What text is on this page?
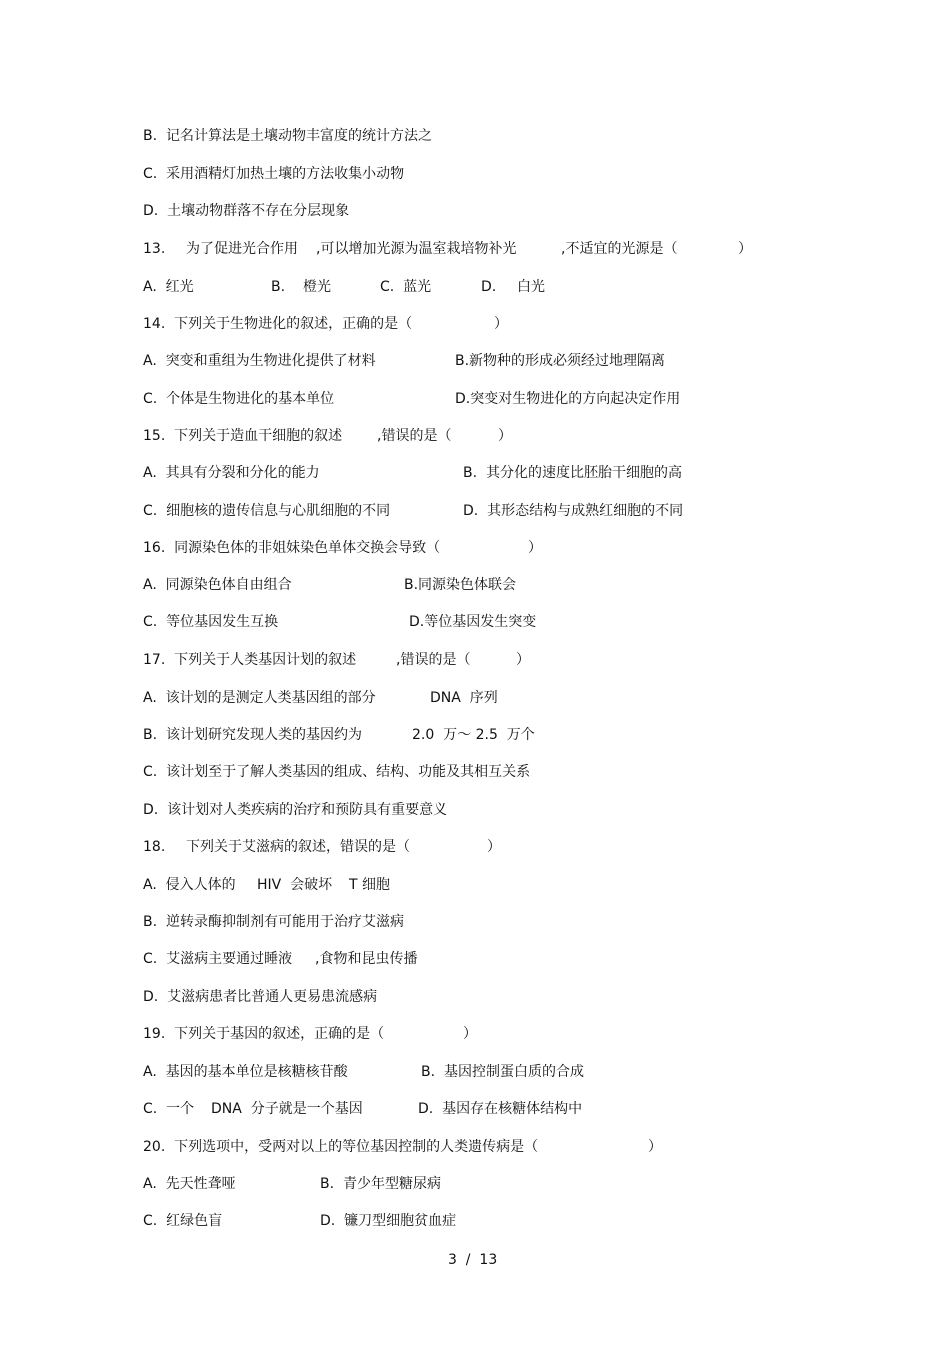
B.  记名计算法是土壤动物丰富度的统计方法之
C.  采用酒精灯加热土壤的方法收集小动物
D.  土壤动物群落不存在分层现象
13. 为了促进光合作用 ,可以增加光源为温室栽培物补光	,不适宜的光源是（	）
A.  红光	B. 橙光	C.  蓝光	D. 白光
14.  下列关于生物进化的叙述，正确的是（	）
A.  突变和重组为生物进化提供了材料	B.新物种的形成必须经过地理隔离
C.  个体是生物进化的基本单位	D.突变对生物进化的方向起决定作用
15.  下列关于造血干细胞的叙述 ,错误的是（	）
A.  其具有分裂和分化的能力	B.  其分化的速度比胚胎干细胞的高
C.  细胞核的遗传信息与心肌细胞的不同	D.  其形态结构与成熟红细胞的不同
16.  同源染色体的非姐妹染色单体交换会导致（	）
A.  同源染色体自由组合	B.同源染色体联会
C.  等位基因发生互换	D.等位基因发生突变
17.  下列关于人类基因计划的叙述	,错误的是（	）
A.  该计划的是测定人类基因组的部分	DNA  序列
B.  该计划研究发现人类的基因约为	2.0  万～ 2.5  万个
C.  该计划至于了解人类基因的组成、结构、功能及其相互关系
D.  该计划对人类疾病的治疗和预防具有重要意义
18. 下列关于艾滋病的叙述，错误的是（	）
A.  侵入人体的 HIV  会破坏 T 细胞
B.  逆转录酶抑制剂有可能用于治疗艾滋病
C.  艾滋病主要通过睡液 ,食物和昆虫传播
D.  艾滋病患者比普通人更易患流感病
19.  下列关于基因的叙述，正确的是（	）
A.  基因的基本单位是核糖核苷酸	B.  基因控制蛋白质的合成
C.  一个 DNA  分子就是一个基因	D.  基因存在核糖体结构中
20.  下列选项中，受两对以上的等位基因控制的人类遗传病是（	）
A.  先天性聋哑	B.  青少年型糖尿病
C.  红绿色盲	D.  镰刀型细胞贫血症
3  /  13
